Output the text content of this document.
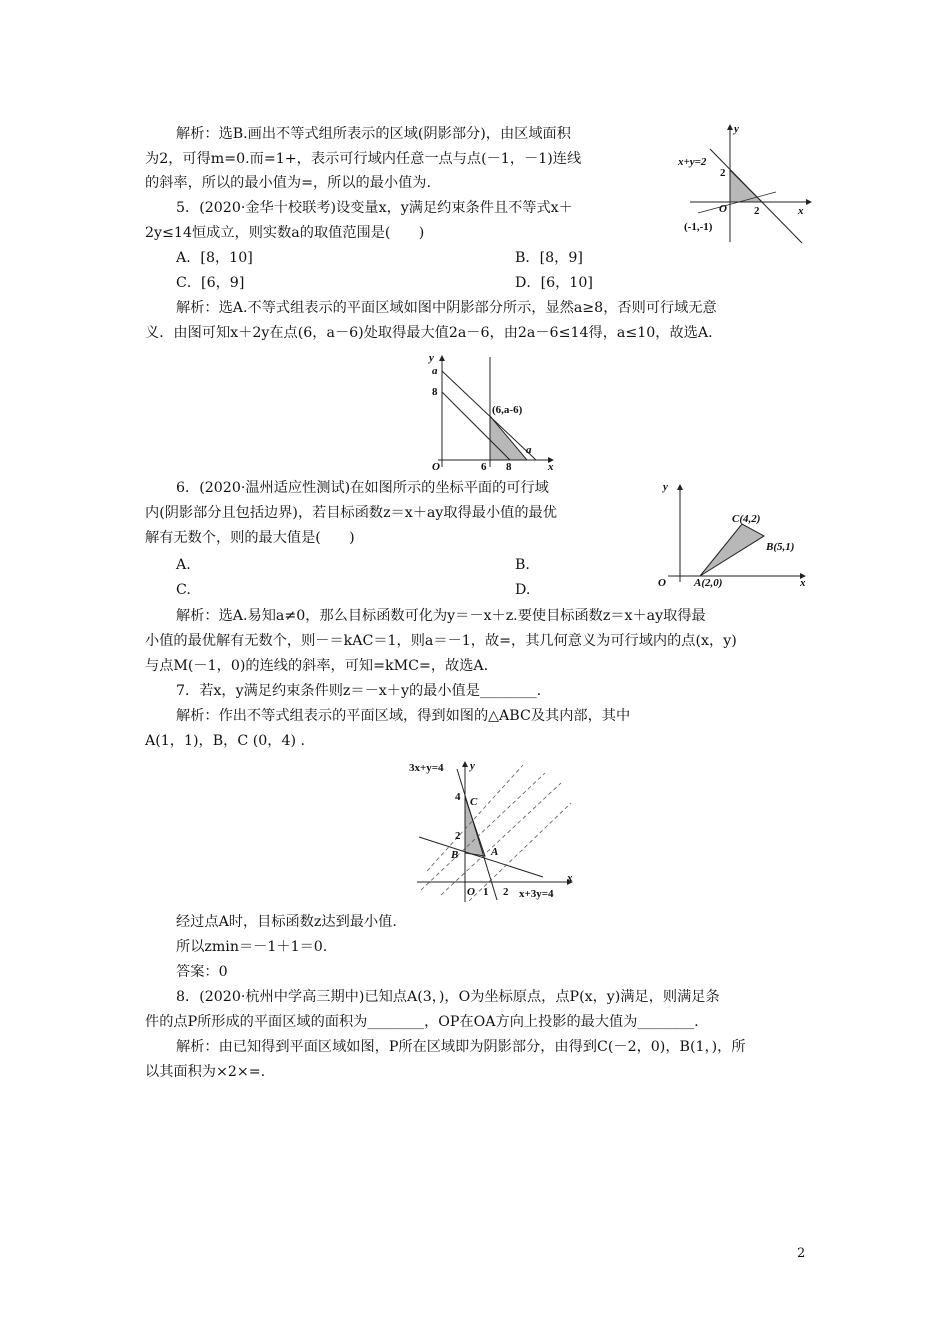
解析：选B.画出不等式组所表示的区域(阴影部分)，由区域面积
为2，可得m=0.而=1+，表示可行域内任意一点与点(－1，－1)连线
的斜率，所以的最小值为=，所以的最小值为.
5．(2020·金华十校联考)设变量x，y满足约束条件且不等式x＋
2y≤14恒成立，则实数a的取值范围是(　　)
A．[8，10]	B．[8，9]
C．[6，9]	D．[6，10]
解析：选A.不等式组表示的平面区域如图中阴影部分所示，显然a≥8，否则可行域无意
义．由图可知x＋2y在点(6，a－6)处取得最大值2a－6，由2a－6≤14得，a≤10，故选A.
6．(2020·温州适应性测试)在如图所示的坐标平面的可行域
内(阴影部分且包括边界)，若目标函数z＝x＋ay取得最小值的最优
解有无数个，则的最大值是(　　)
A.	B.
C.	D.
解析：选A.易知a≠0，那么目标函数可化为y＝－x＋z.要使目标函数z＝x＋ay取得最
小值的最优解有无数个，则－＝kAC＝1，则a＝－1，故=，其几何意义为可行域内的点(x，y)
与点M(－1，0)的连线的斜率，可知=kMC=，故选A.
7．若x，y满足约束条件则z＝－x＋y的最小值是________.
解析：作出不等式组表示的平面区域，得到如图的△ABC及其内部，其中
A(1，1)，B，C (0，4) .
经过点A时，目标函数z达到最小值.
所以zmin＝－1＋1＝0.
答案：0
8．(2020·杭州中学高三期中)已知点A(3，)，O为坐标原点，点P(x，y)满足，则满足条
件的点P所形成的平面区域的面积为________，OP在OA方向上投影的最大值为________.
解析：由已知得到平面区域如图，P所在区域即为阴影部分，由得到C(－2，0)，B(1，)，所
以其面积为×2×=.
2
x+y=2
y
x
2
2
O
(-1,-1)
y
x
a
8
(6,a-6)
a
O	6 8
y
x
C(4,2)
B(5,1)
A(2,0)
O
3x+y=4 y
4 C
2
B	A
O 1 2
x
x+3y=4
